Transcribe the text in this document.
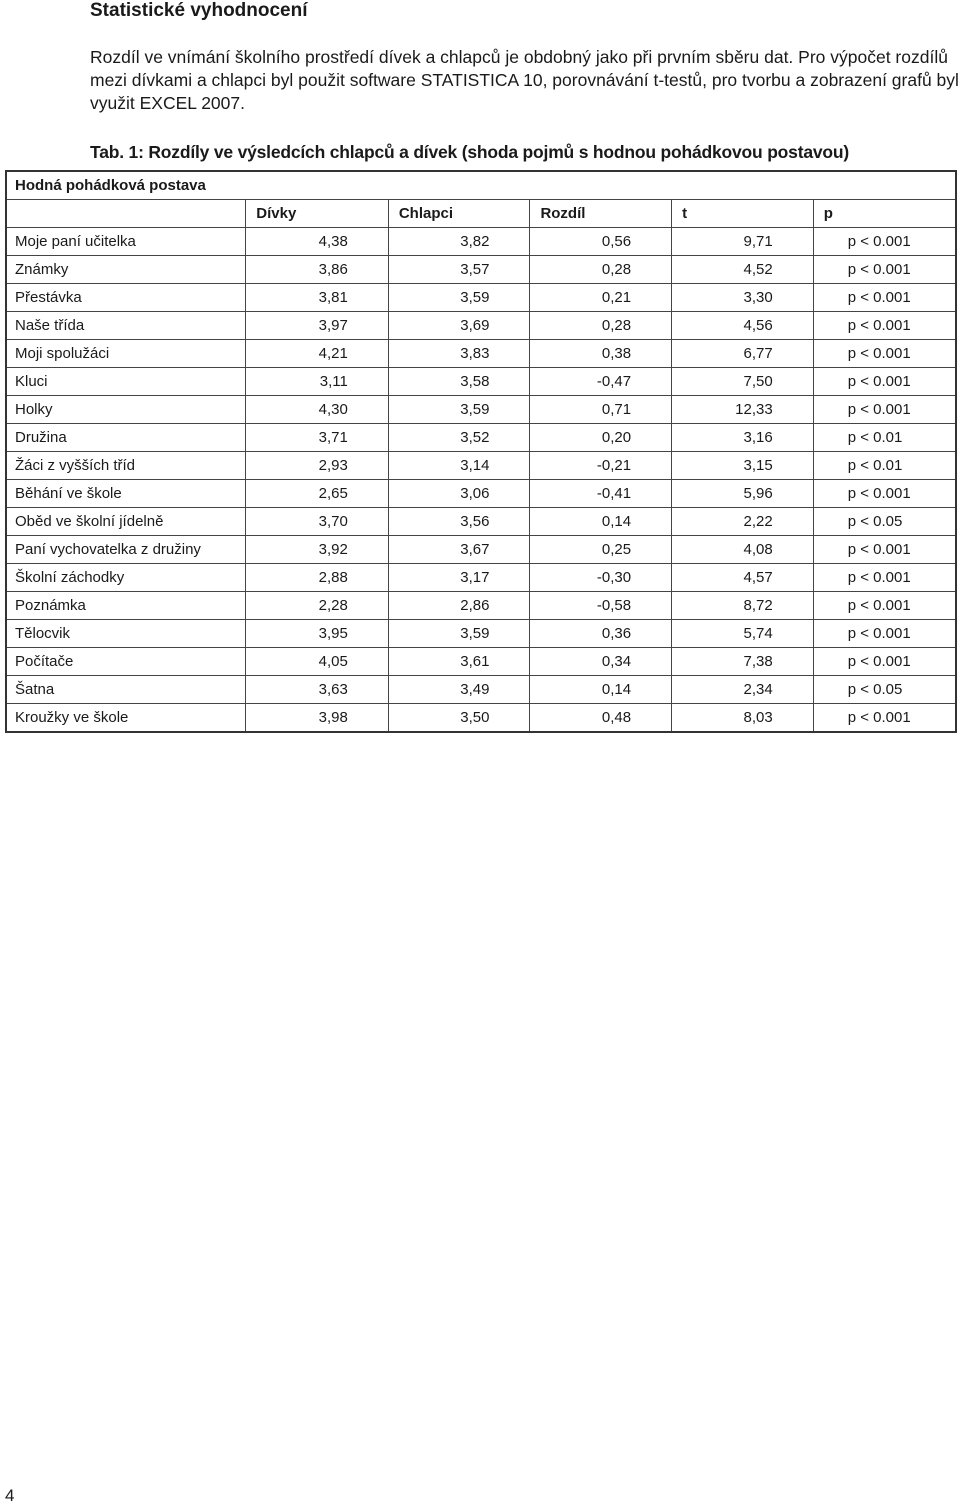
Statistické vyhodnocení
Rozdíl ve vnímání školního prostředí dívek a chlapců je obdobný jako při prvním sběru dat. Pro výpočet rozdílů mezi dívkami a chlapci byl použit software STATISTICA 10, porovnávání t-testů, pro tvorbu a zobrazení grafů byl využit EXCEL 2007.
Tab. 1: Rozdíly ve výsledcích chlapců a dívek (shoda pojmů s hodnou pohádkovou postavou)
Hodná pohádková postava					
	Dívky	Chlapci	Rozdíl	t	p
Moje paní učitelka	4,38	3,82	0,56	9,71	p < 0.001
Známky	3,86	3,57	0,28	4,52	p < 0.001
Přestávka	3,81	3,59	0,21	3,30	p < 0.001
Naše třída	3,97	3,69	0,28	4,56	p < 0.001
Moji spolužáci	4,21	3,83	0,38	6,77	p < 0.001
Kluci	3,11	3,58	-0,47	7,50	p < 0.001
Holky	4,30	3,59	0,71	12,33	p < 0.001
Družina	3,71	3,52	0,20	3,16	p < 0.01
Žáci z vyšších tříd	2,93	3,14	-0,21	3,15	p < 0.01
Běhání ve škole	2,65	3,06	-0,41	5,96	p < 0.001
Oběd ve školní jídelně	3,70	3,56	0,14	2,22	p < 0.05
Paní vychovatelka z družiny	3,92	3,67	0,25	4,08	p < 0.001
Školní záchodky	2,88	3,17	-0,30	4,57	p < 0.001
Poznámka	2,28	2,86	-0,58	8,72	p < 0.001
Tělocvik	3,95	3,59	0,36	5,74	p < 0.001
Počítače	4,05	3,61	0,34	7,38	p < 0.001
Šatna	3,63	3,49	0,14	2,34	p < 0.05
Kroužky ve škole	3,98	3,50	0,48	8,03	p < 0.001
4
